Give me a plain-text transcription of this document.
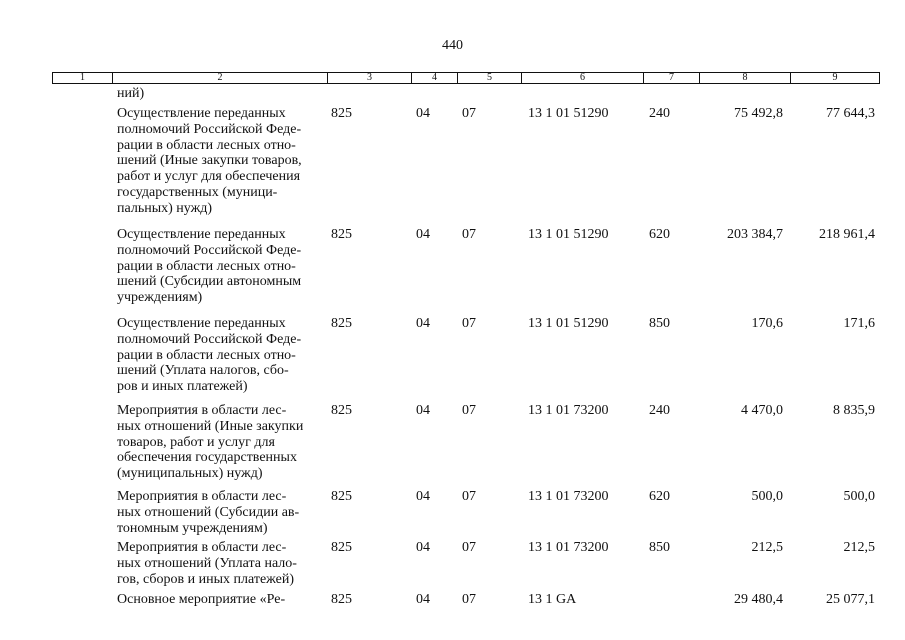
440
1	2	3	4	5	6	7	8	9
ний)
Осуществление переданных
полномочий Российской Феде-
рации в области лесных отно-
шений (Иные закупки товаров,
работ и услуг для обеспечения
государственных (муници-
пальных) нужд)
825	04 07	13 1 01 51290	240	75 492,8	77 644,3
Осуществление переданных
полномочий Российской Феде-
рации в области лесных отно-
шений (Субсидии автономным
учреждениям)
825	04 07	13 1 01 51290	620	203 384,7	218 961,4
Осуществление переданных
полномочий Российской Феде-
рации в области лесных отно-
шений (Уплата налогов, сбо-
ров и иных платежей)
825	04 07	13 1 01 51290	850	170,6	171,6
Мероприятия в области лес-
ных отношений (Иные закупки
товаров, работ и услуг для
обеспечения государственных
(муниципальных) нужд)
825	04 07	13 1 01 73200	240	4 470,0	8 835,9
Мероприятия в области лес-
ных отношений (Субсидии ав-
тономным учреждениям)
825	04 07	13 1 01 73200	620	500,0	500,0
Мероприятия в области лес-
ных отношений (Уплата нало-
гов, сборов и иных платежей)
825	04 07	13 1 01 73200	850	212,5	212,5
Основное мероприятие «Ре-	825	04 07	13 1 GA	29 480,4	25 077,1
